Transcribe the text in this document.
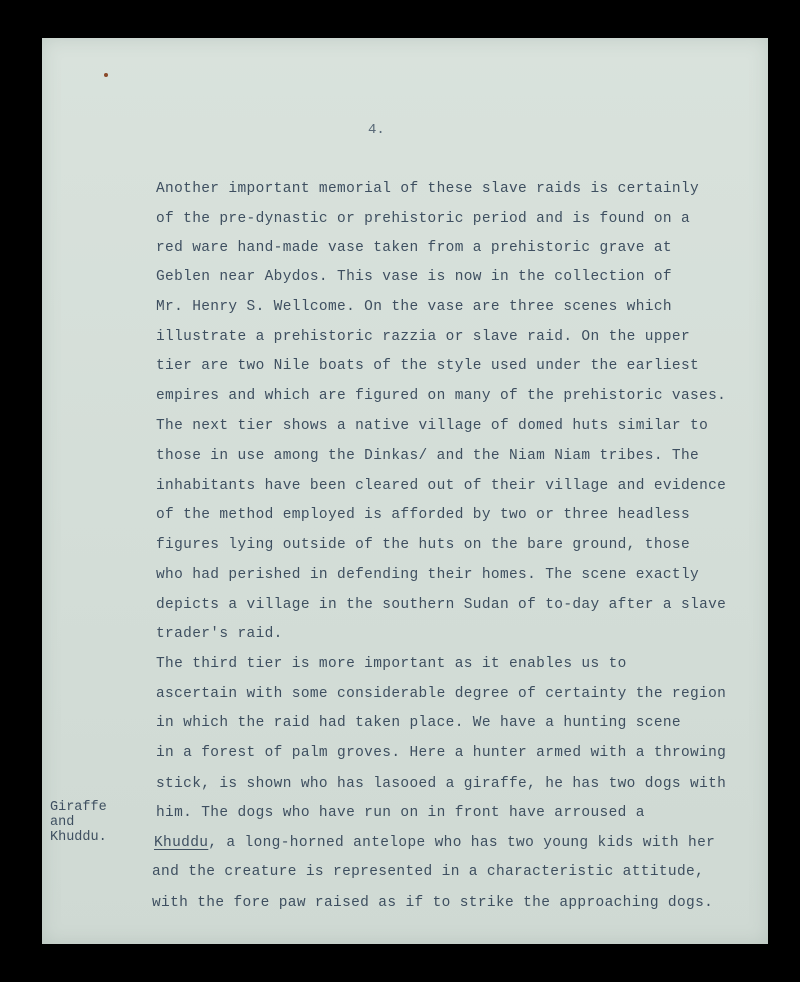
4.
Another important memorial of these slave raids is certainly
of the pre-dynastic or prehistoric period and is found on a
red ware hand-made vase taken from a prehistoric grave at
Geblen near Abydos. This vase is now in the collection of
Mr. Henry S. Wellcome. On the vase are three scenes which
illustrate a prehistoric razzia or slave raid. On the upper
tier are two Nile boats of the style used under the earliest
empires and which are figured on many of the prehistoric vases.
The next tier shows a native village of domed huts similar to
those in use among the Dinkas/ and the Niam Niam tribes. The
inhabitants have been cleared out of their village and evidence
of the method employed is afforded by two or three headless
figures lying outside of the huts on the bare ground, those
who had perished in defending their homes. The scene exactly
depicts a village in the southern Sudan of to-day after a slave
trader's raid.
The third tier is more important as it enables us to
ascertain with some considerable degree of certainty the region
in which the raid had taken place. We have a hunting scene
in a forest of palm groves. Here a hunter armed with a throwing
stick, is shown who has lasooed a giraffe, he has two dogs with
him. The dogs who have run on in front have arroused a
Khuddu, a long-horned antelope who has two young kids with her
and the creature is represented in a characteristic attitude,
with the fore paw raised as if to strike the approaching dogs.
Giraffe
and
Khuddu.
